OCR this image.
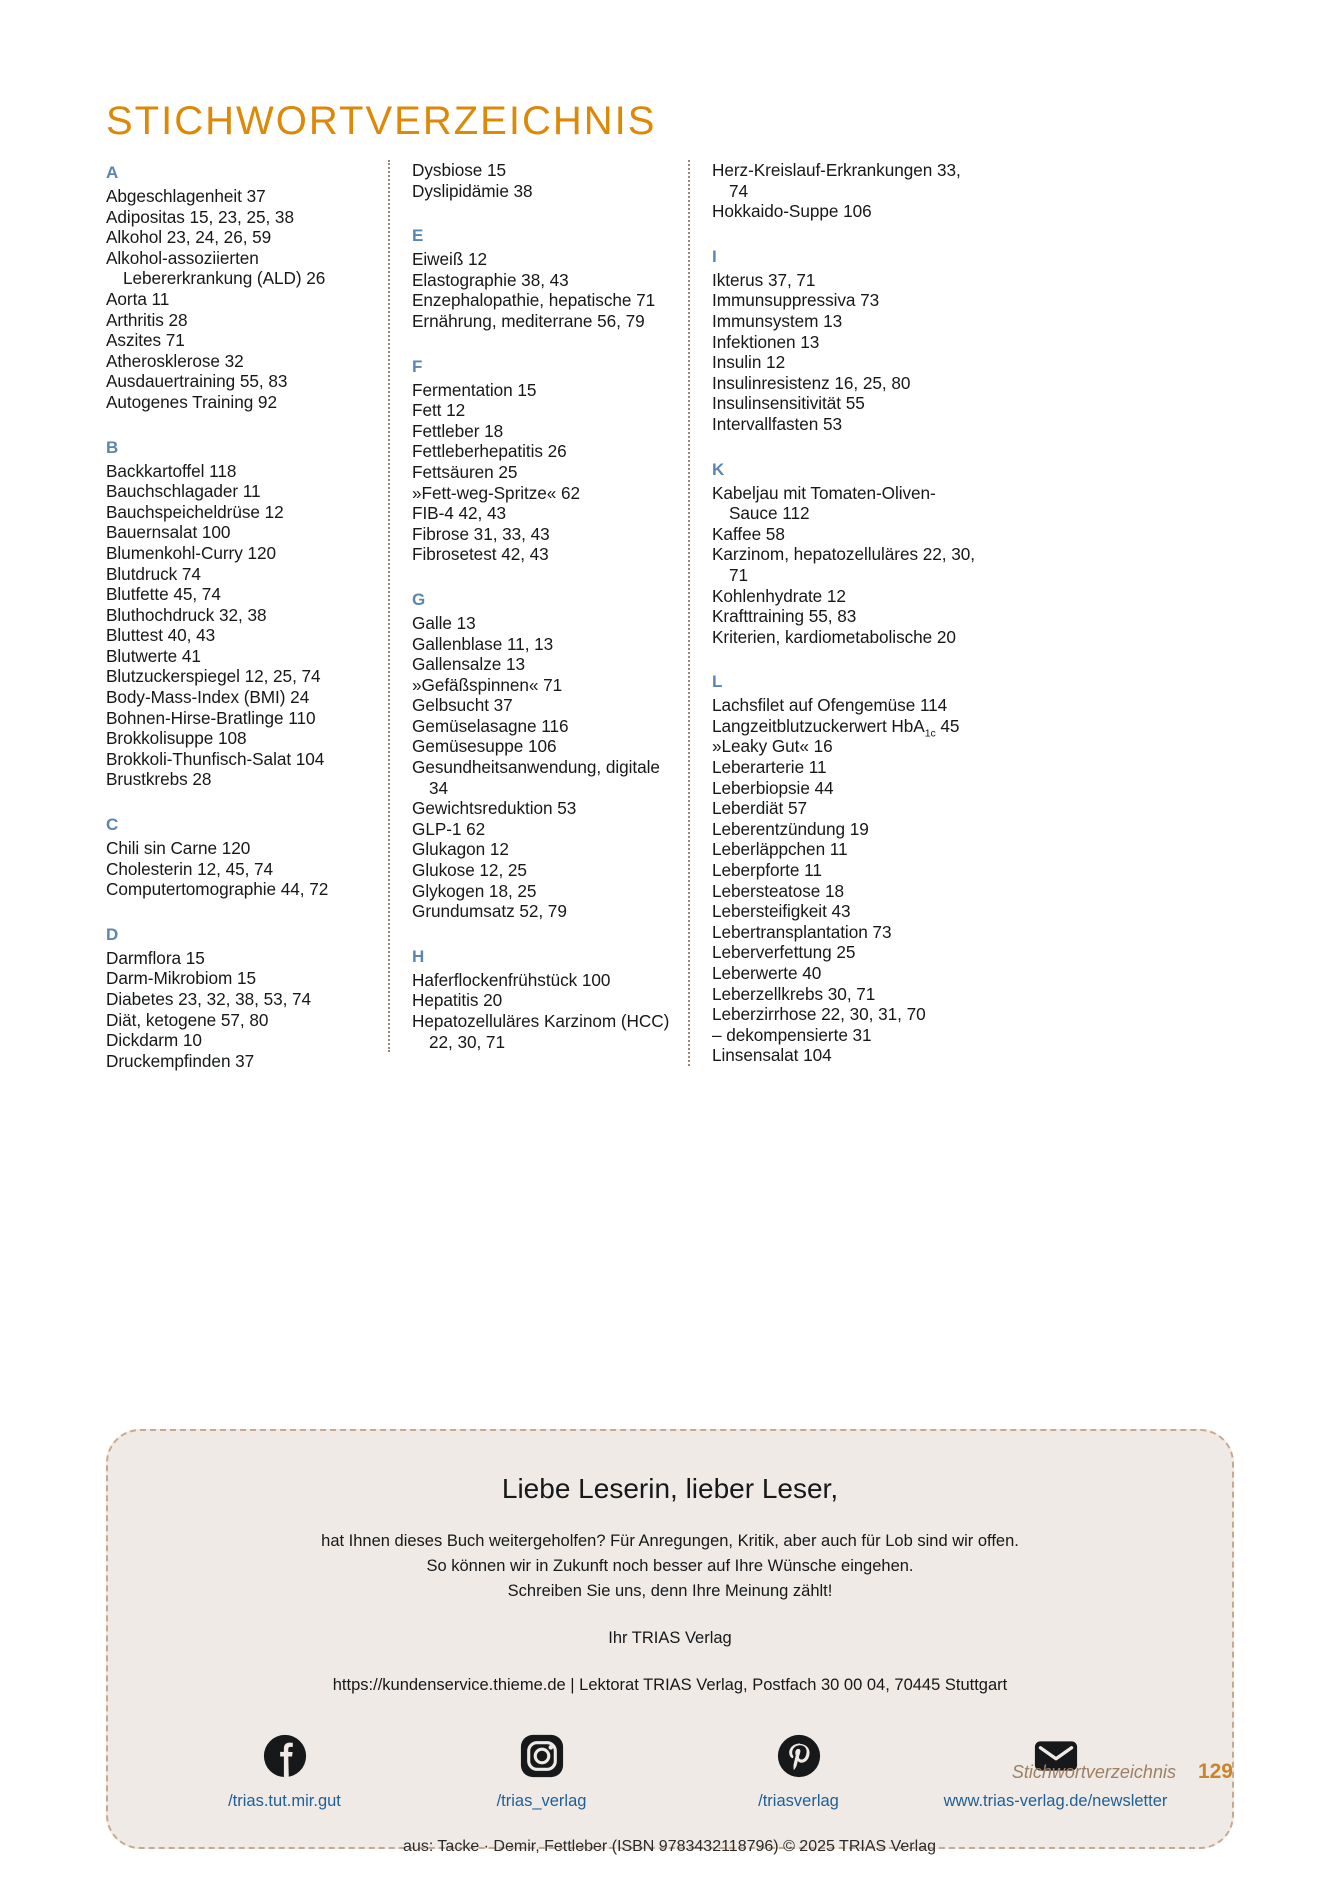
STICHWORTVERZEICHNIS
A
Abgeschlagenheit 37
Adipositas 15, 23, 25, 38
Alkohol 23, 24, 26, 59
Alkohol-assoziierten Lebererkrankung (ALD) 26
Aorta 11
Arthritis 28
Aszites 71
Atherosklerose 32
Ausdauertraining 55, 83
Autogenes Training 92
B
Backkartoffel 118
Bauchschlagader 11
Bauchspeicheldrüse 12
Bauernsalat 100
Blumenkohl-Curry 120
Blutdruck 74
Blutfette 45, 74
Bluthochdruck 32, 38
Bluttest 40, 43
Blutwerte 41
Blutzuckerspiegel 12, 25, 74
Body-Mass-Index (BMI) 24
Bohnen-Hirse-Bratlinge 110
Brokkolisuppe 108
Brokkoli-Thunfisch-Salat 104
Brustkrebs 28
C
Chili sin Carne 120
Cholesterin 12, 45, 74
Computertomographie 44, 72
D
Darmflora 15
Darm-Mikrobiom 15
Diabetes 23, 32, 38, 53, 74
Diät, ketogene 57, 80
Dickdarm 10
Druckempfinden 37
Dysbiose 15
Dyslipidämie 38
E
Eiweiß 12
Elastographie 38, 43
Enzephalopathie, hepatische 71
Ernährung, mediterrane 56, 79
F
Fermentation 15
Fett 12
Fettleber 18
Fettleberhepatitis 26
Fettsäuren 25
»Fett-weg-Spritze« 62
FIB-4 42, 43
Fibrose 31, 33, 43
Fibrosetest 42, 43
G
Galle 13
Gallenblase 11, 13
Gallensalze 13
»Gefäßspinnen« 71
Gelbsucht 37
Gemüselasagne 116
Gemüsesuppe 106
Gesundheitsanwendung, digitale 34
Gewichtsreduktion 53
GLP-1 62
Glukagon 12
Glukose 12, 25
Glykogen 18, 25
Grundumsatz 52, 79
H
Haferflockenfrühstück 100
Hepatitis 20
Hepatozelluläres Karzinom (HCC) 22, 30, 71
Herz-Kreislauf-Erkrankungen 33, 74
Hokkaido-Suppe 106
I
Ikterus 37, 71
Immunsuppressiva 73
Immunsystem 13
Infektionen 13
Insulin 12
Insulinresistenz 16, 25, 80
Insulinsensitivität 55
Intervallfasten 53
K
Kabeljau mit Tomaten-Oliven-Sauce 112
Kaffee 58
Karzinom, hepatozelluläres 22, 30, 71
Kohlenhydrate 12
Krafttraining 55, 83
Kriterien, kardiometabolische 20
L
Lachsfilet auf Ofengemüse 114
Langzeitblutzuckerwert HbA$_{1c}$ 45
»Leaky Gut« 16
Leberarterie 11
Leberbiopsie 44
Leberdiät 57
Leberentzündung 19
Leberläppchen 11
Leberpforte 11
Lebersteatose 18
Lebersteifigkeit 43
Lebertransplantation 73
Leberverfettung 25
Leberwerte 40
Leberzellkrebs 30, 71
Leberzirrhose 22, 30, 31, 70
– dekompensierte 31
Linsensalat 104
Liebe Leserin, lieber Leser,
hat Ihnen dieses Buch weitergeholfen? Für Anregungen, Kritik, aber auch für Lob sind wir offen.
So können wir in Zukunft noch besser auf Ihre Wünsche eingehen.
Schreiben Sie uns, denn Ihre Meinung zählt!
Ihr TRIAS Verlag
https://kundenservice.thieme.de | Lektorat TRIAS Verlag, Postfach 30 00 04, 70445 Stuttgart
/trias.tut.mir.gut	/trias_verlag	/triasverlag	www.trias-verlag.de/newsletter
Stichwortverzeichnis 129
aus: Tacke · Demir, Fettleber (ISBN 9783432118796) © 2025 TRIAS Verlag
